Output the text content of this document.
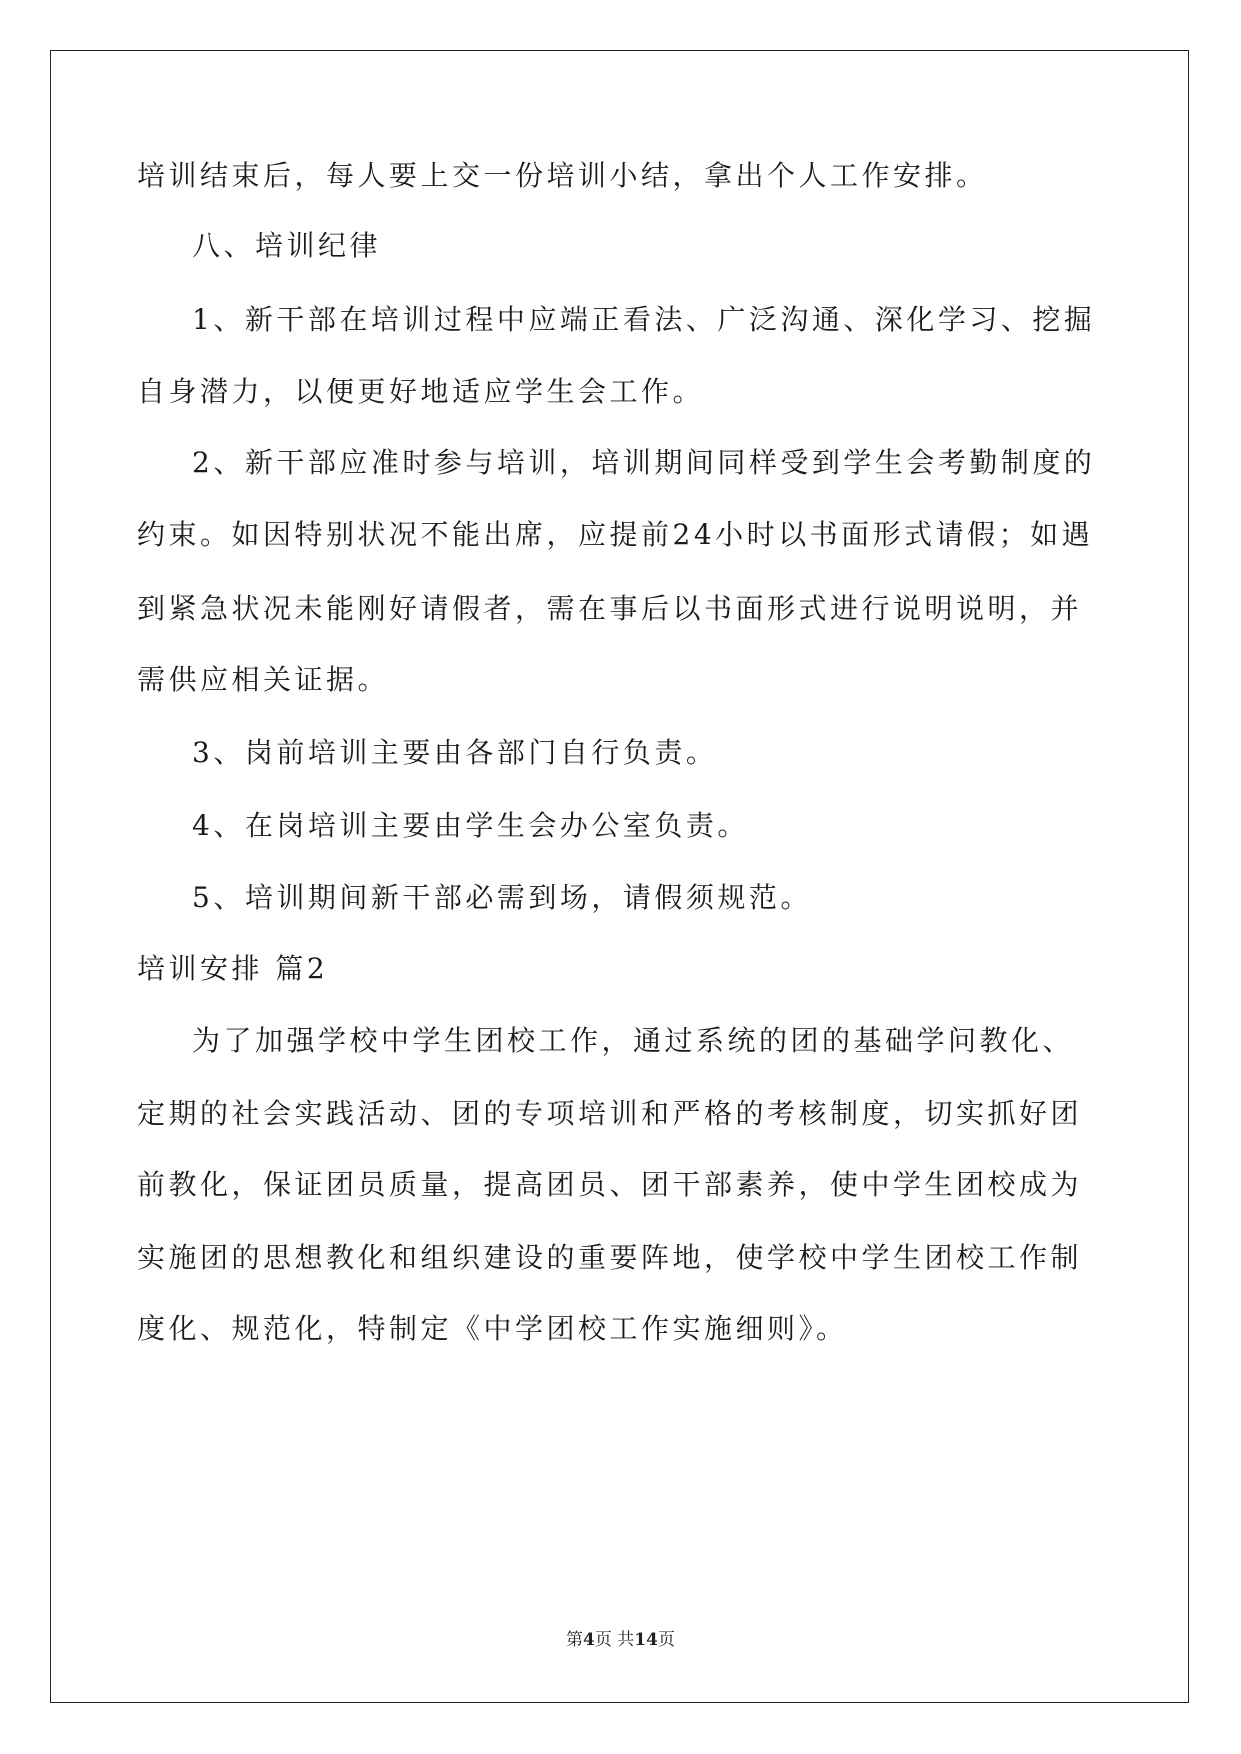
培训结束后，每人要上交一份培训小结，拿出个人工作安排。
八、培训纪律
1、新干部在培训过程中应端正看法、广泛沟通、深化学习、挖掘
自身潜力，以便更好地适应学生会工作。
2、新干部应准时参与培训，培训期间同样受到学生会考勤制度的
约束。如因特别状况不能出席，应提前24小时以书面形式请假；如遇
到紧急状况未能刚好请假者，需在事后以书面形式进行说明说明，并
需供应相关证据。
3、岗前培训主要由各部门自行负责。
4、在岗培训主要由学生会办公室负责。
5、培训期间新干部必需到场，请假须规范。
培训安排 篇2
为了加强学校中学生团校工作，通过系统的团的基础学问教化、
定期的社会实践活动、团的专项培训和严格的考核制度，切实抓好团
前教化，保证团员质量，提高团员、团干部素养，使中学生团校成为
实施团的思想教化和组织建设的重要阵地，使学校中学生团校工作制
度化、规范化，特制定《中学团校工作实施细则》。
第4页 共14页
